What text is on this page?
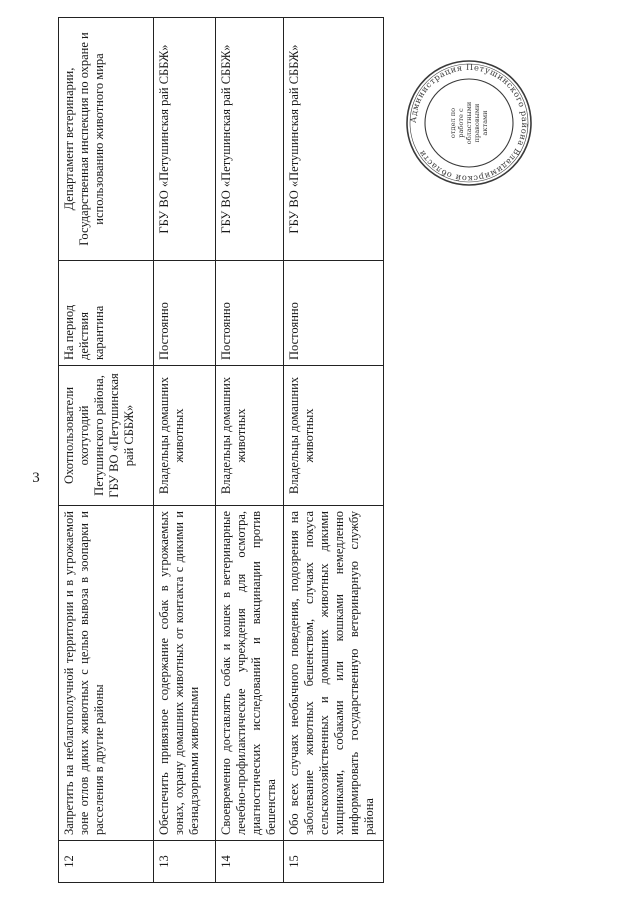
3
12	Запретить на неблагополучной территории и в угрожаемой зоне отлов диких животных с целью вывоза в зоопарки и расселения в другие районы	Охотпользователи охотугодий Петушинского района, ГБУ ВО «Петушинская рай СББЖ»	На период действия карантина	Департамент ветеринарии, Государственная инспекция по охране и использованию животного мира

13	Обеспечить привязное содержание собак в угрожаемых зонах, охрану домашних животных от контакта с дикими и безнадзорными животными	Владельцы домашних животных	Постоянно	ГБУ ВО «Петушинская рай СББЖ»

14	Своевременно доставлять собак и кошек в ветеринарные лечебно-профилактические учреждения для осмотра, диагностических исследований и вакцинации против бешенства	Владельцы домашних животных	Постоянно	ГБУ ВО «Петушинская рай СББЖ»

15	Обо всех случаях необычного поведения, подозрения на заболевание животных бешенством, случаях покуса сельскохозяйственных и домашних животных дикими хищниками, собаками или кошками немедленно информировать государственную ветеринарную службу района	Владельцы домашних животных	Постоянно	ГБУ ВО «Петушинская рай СББЖ»

					Администрация Петушинского района Владимирской области
отдел поработе собластнымиправовымиактами
